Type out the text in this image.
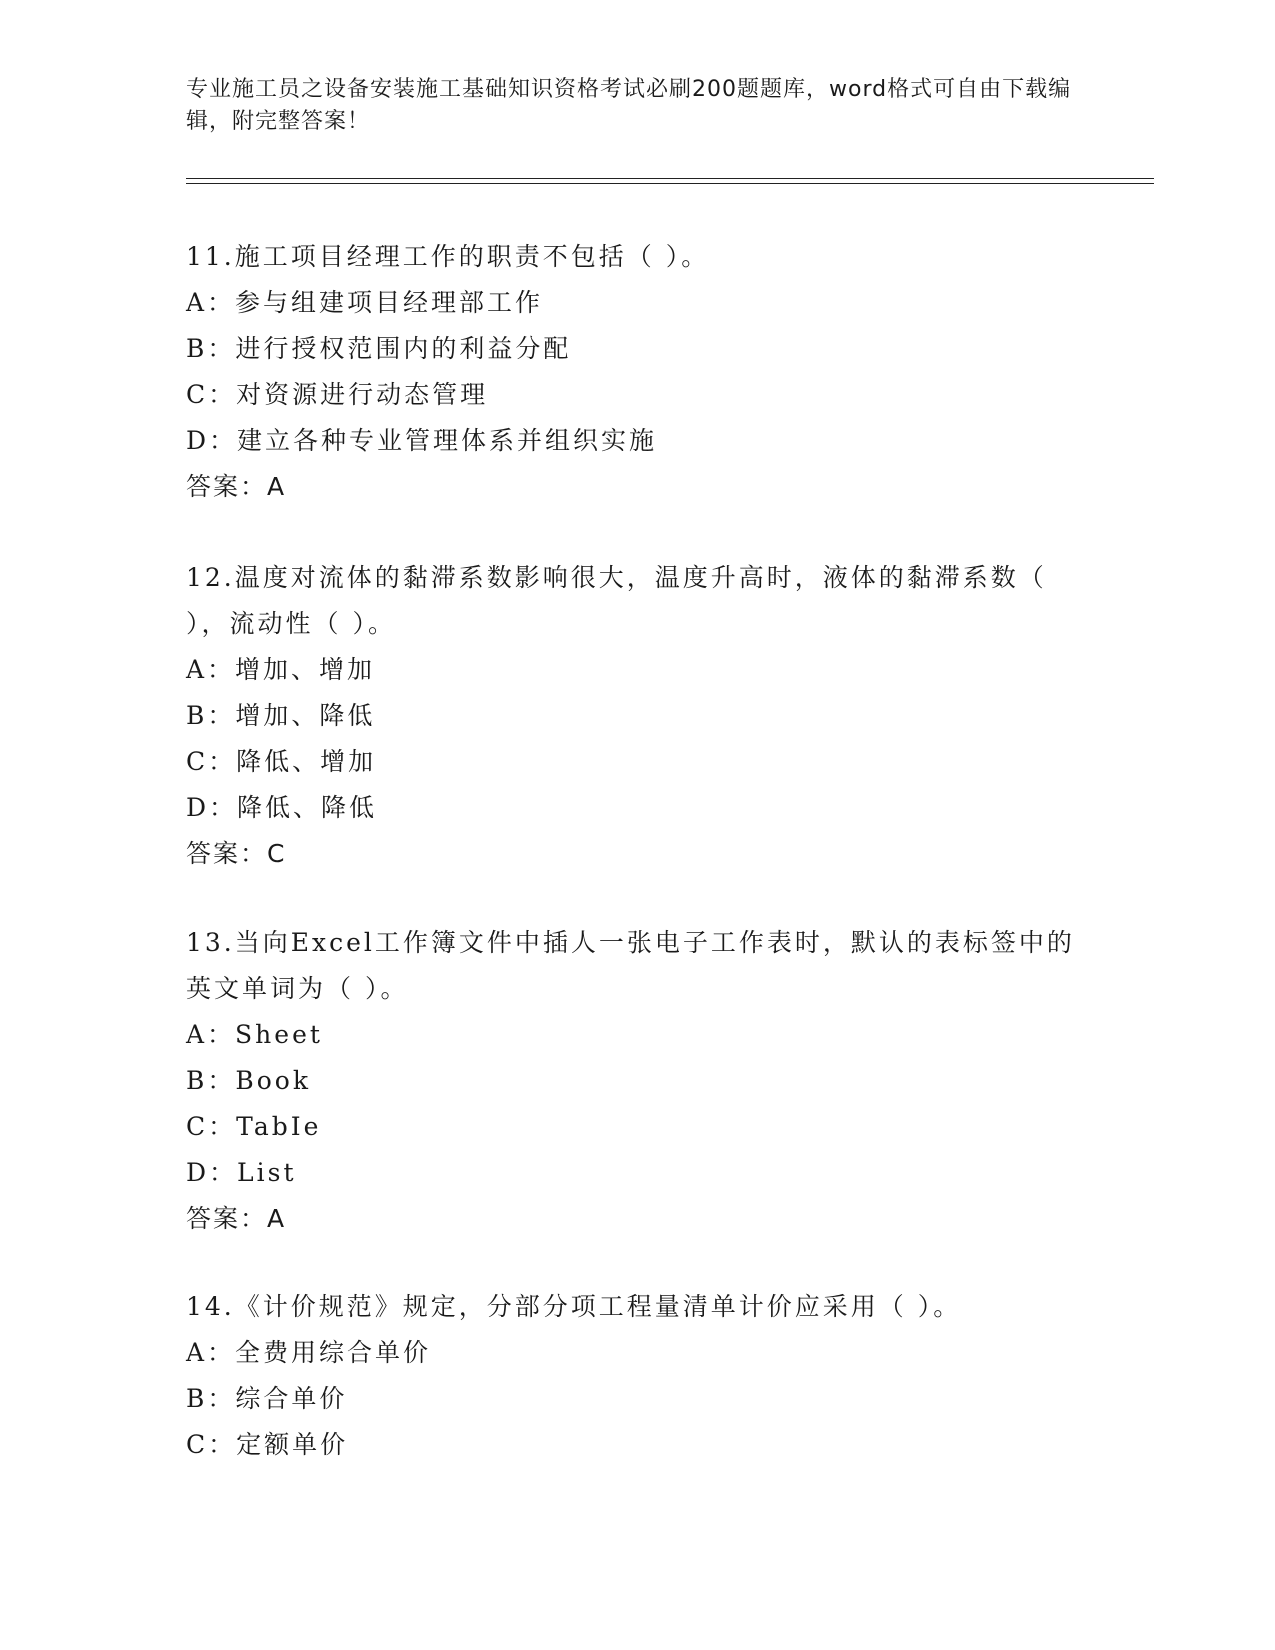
专业施工员之设备安装施工基础知识资格考试必刷200题题库，word格式可自由下载编辑，附完整答案！

11.施工项目经理工作的职责不包括（ ）。

A：参与组建项目经理部工作

B：进行授权范围内的利益分配

C：对资源进行动态管理

D：建立各种专业管理体系并组织实施

答案：A

12.温度对流体的黏滞系数影响很大，温度升高时，液体的黏滞系数（ ），流动性（ ）。

A：增加、增加

B：增加、降低

C：降低、增加

D：降低、降低

答案：C

13.当向Excel工作簿文件中插人一张电子工作表时，默认的表标签中的英文单词为（ ）。

A：Sheet

B：Book

C：TabIe

D：List

答案：A

14.《计价规范》规定，分部分项工程量清单计价应采用（ ）。

A：全费用综合单价

B：综合单价

C：定额单价
